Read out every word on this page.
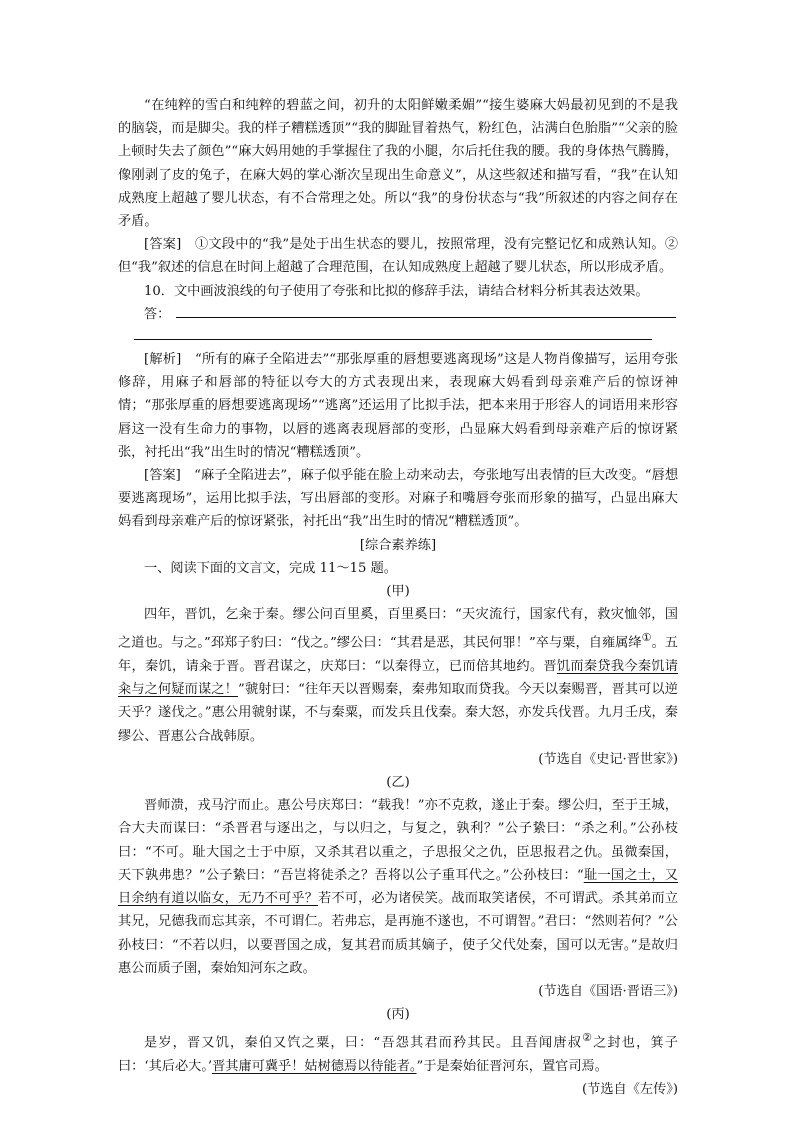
“在纯粹的雪白和纯粹的碧蓝之间，初升的太阳鲜嫩柔媚”“接生婆麻大妈最初见到的不是我的脑袋，而是脚尖。我的样子糟糕透顶”“我的脚趾冒着热气，粉红色，沾满白色胎脂”“父亲的脸上顿时失去了颜色”“麻大妈用她的手掌握住了我的小腿，尔后托住我的腰。我的身体热气腾腾，像刚剥了皮的兔子，在麻大妈的掌心渐次呈现出生命意义”，从这些叙述和描写看，“我”在认知成熟度上超越了婴儿状态，有不合常理之处。所以“我”的身份状态与“我”所叙述的内容之间存在矛盾。

[答案]　 ①文段中的“我”是处于出生状态的婴儿，按照常理，没有完整记忆和成熟认知。②但“我”叙述的信息在时间上超越了合理范围，在认知成熟度上超越了婴儿状态，所以形成矛盾。

10．文中画波浪线的句子使用了夸张和比拟的修辞手法，请结合材料分析其表达效果。

答：

[解析]　 “所有的麻子全陷进去”“那张厚重的唇想要逃离现场”这是人物肖像描写，运用夸张修辞，用麻子和唇部的特征以夸大的方式表现出来，表现麻大妈看到母亲难产后的惊讶神情；“那张厚重的唇想要逃离现场”“逃离”还运用了比拟手法，把本来用于形容人的词语用来形容唇这一没有生命力的事物，以唇的逃离表现唇部的变形，凸显麻大妈看到母亲难产后的惊讶紧张，衬托出“我”出生时的情况“糟糕透顶”。

[答案]　 “麻子全陷进去”，麻子似乎能在脸上动来动去，夸张地写出表情的巨大改变。“唇想要逃离现场”，运用比拟手法，写出唇部的变形。对麻子和嘴唇夸张而形象的描写，凸显出麻大妈看到母亲难产后的惊讶紧张，衬托出“我”出生时的情况“糟糕透顶”。

[综合素养练]

一、阅读下面的文言文，完成 11～15 题。

(甲)

四年，晋饥，乞籴于秦。缪公问百里奚，百里奚曰：“天灾流行，国家代有，救灾恤邻，国之道也。与之。”邳郑子豹曰：“伐之。”缪公曰：“其君是恶，其民何罪！”卒与粟，自雍属绛①。五年，秦饥，请籴于晋。晋君谋之，庆郑曰：“以秦得立，已而倍其地约。晋饥而秦贷我今秦饥请籴与之何疑而谋之！”虢射曰：“往年天以晋赐秦，秦弗知取而贷我。今天以秦赐晋，晋其可以逆天乎？遂伐之。”惠公用虢射谋，不与秦粟，而发兵且伐秦。秦大怒，亦发兵伐晋。九月壬戌，秦缪公、晋惠公合战韩原。

(节选自《史记·晋世家》)

(乙)

晋师溃，戎马泞而止。惠公号庆郑曰：“载我！”亦不克救，遂止于秦。缪公归，至于王城，合大夫而谋曰：“杀晋君与逐出之，与以归之，与复之，孰利？”公子絷曰：“杀之利。”公孙枝曰：“不可。耻大国之士于中原，又杀其君以重之，子思报父之仇，臣思报君之仇。虽微秦国，天下孰弗患？”公子絷曰：“吾岂将徒杀之？吾将以公子重耳代之。”公孙枝曰：“耻一国之士，又日余纳有道以临女，无乃不可乎？若不可，必为诸侯笑。战而取笑诸侯，不可谓武。杀其弟而立其兄，兄德我而忘其亲，不可谓仁。若弗忘，是再施不遂也，不可谓智。”君曰：“然则若何？”公孙枝曰：“不若以归，以要晋国之成，复其君而质其嫡子，使子父代处秦，国可以无害。”是故归惠公而质子圉，秦始知河东之政。

(节选自《国语·晋语三》)

(丙)

是岁，晋又饥，秦伯又饩之粟，曰：“吾怨其君而矜其民。且吾闻唐叔②之封也，箕子曰：‘其后必大。’晋其庸可冀乎！姑树德焉以待能者。”于是秦始征晋河东，置官司焉。

(节选自《左传》)
